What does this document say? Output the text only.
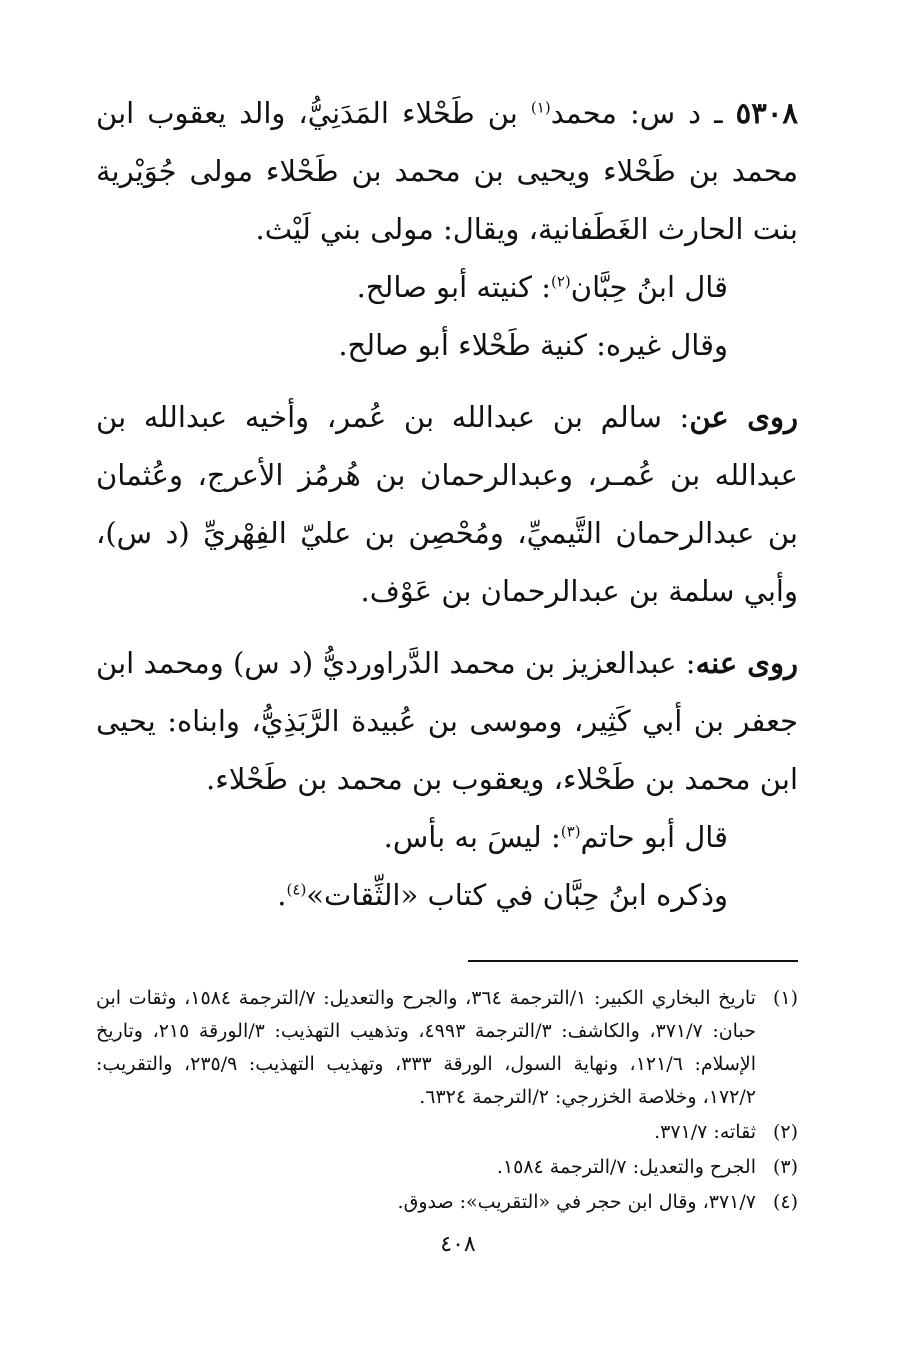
٥٣٠٨ ـ د س: محمد$^{(١)}$ بن طَحْلاء المَدَنِيُّ، والد يعقوب ابن محمد بن طَحْلاء ويحيى بن محمد بن طَحْلاء مولى جُوَيْرية بنت الحارث الغَطَفانية، ويقال: مولى بني لَيْث.

قال ابنُ حِبَّان$^{(٢)}$: كنيته أبو صالح.

وقال غيره: كنية طَحْلاء أبو صالح.

روى عن: سالم بن عبدالله بن عُمر، وأخيه عبدالله بن عبدالله بن عُمـر، وعبدالرحمان بن هُرمُز الأعرج، وعُثمان بن عبدالرحمان التَّيميِّ، ومُحْصِن بن عليّ الفِهْريِّ (د س)، وأبي سلمة بن عبدالرحمان بن عَوْف.

روى عنه: عبدالعزيز بن محمد الدَّراورديُّ (د س) ومحمد ابن جعفر بن أبي كَثِير، وموسى بن عُبيدة الرَّبَذِيُّ، وابناه: يحيى ابن محمد بن طَحْلاء، ويعقوب بن محمد بن طَحْلاء.

قال أبو حاتم$^{(٣)}$: ليسَ به بأس.

وذكره ابنُ حِبَّان في كتاب «الثِّقات»$^{(٤)}$.

(١)
تاريخ البخاري الكبير: ١/الترجمة ٣٦٤، والجرح والتعديل: ٧/الترجمة ١٥٨٤، وثقات ابن حبان: ٣٧١/٧، والكاشف: ٣/الترجمة ٤٩٩٣، وتذهيب التهذيب: ٣/الورقة ٢١٥، وتاريخ الإسلام: ١٢١/٦، ونهاية السول، الورقة ٣٣٣، وتهذيب التهذيب: ٢٣٥/٩، والتقريب: ١٧٢/٢، وخلاصة الخزرجي: ٢/الترجمة ٦٣٢٤.
(٢)
ثقاته: ٣٧١/٧.
(٣)
الجرح والتعديل: ٧/الترجمة ١٥٨٤.
(٤)
٣٧١/٧، وقال ابن حجر في «التقريب»: صدوق.
٤٠٨
